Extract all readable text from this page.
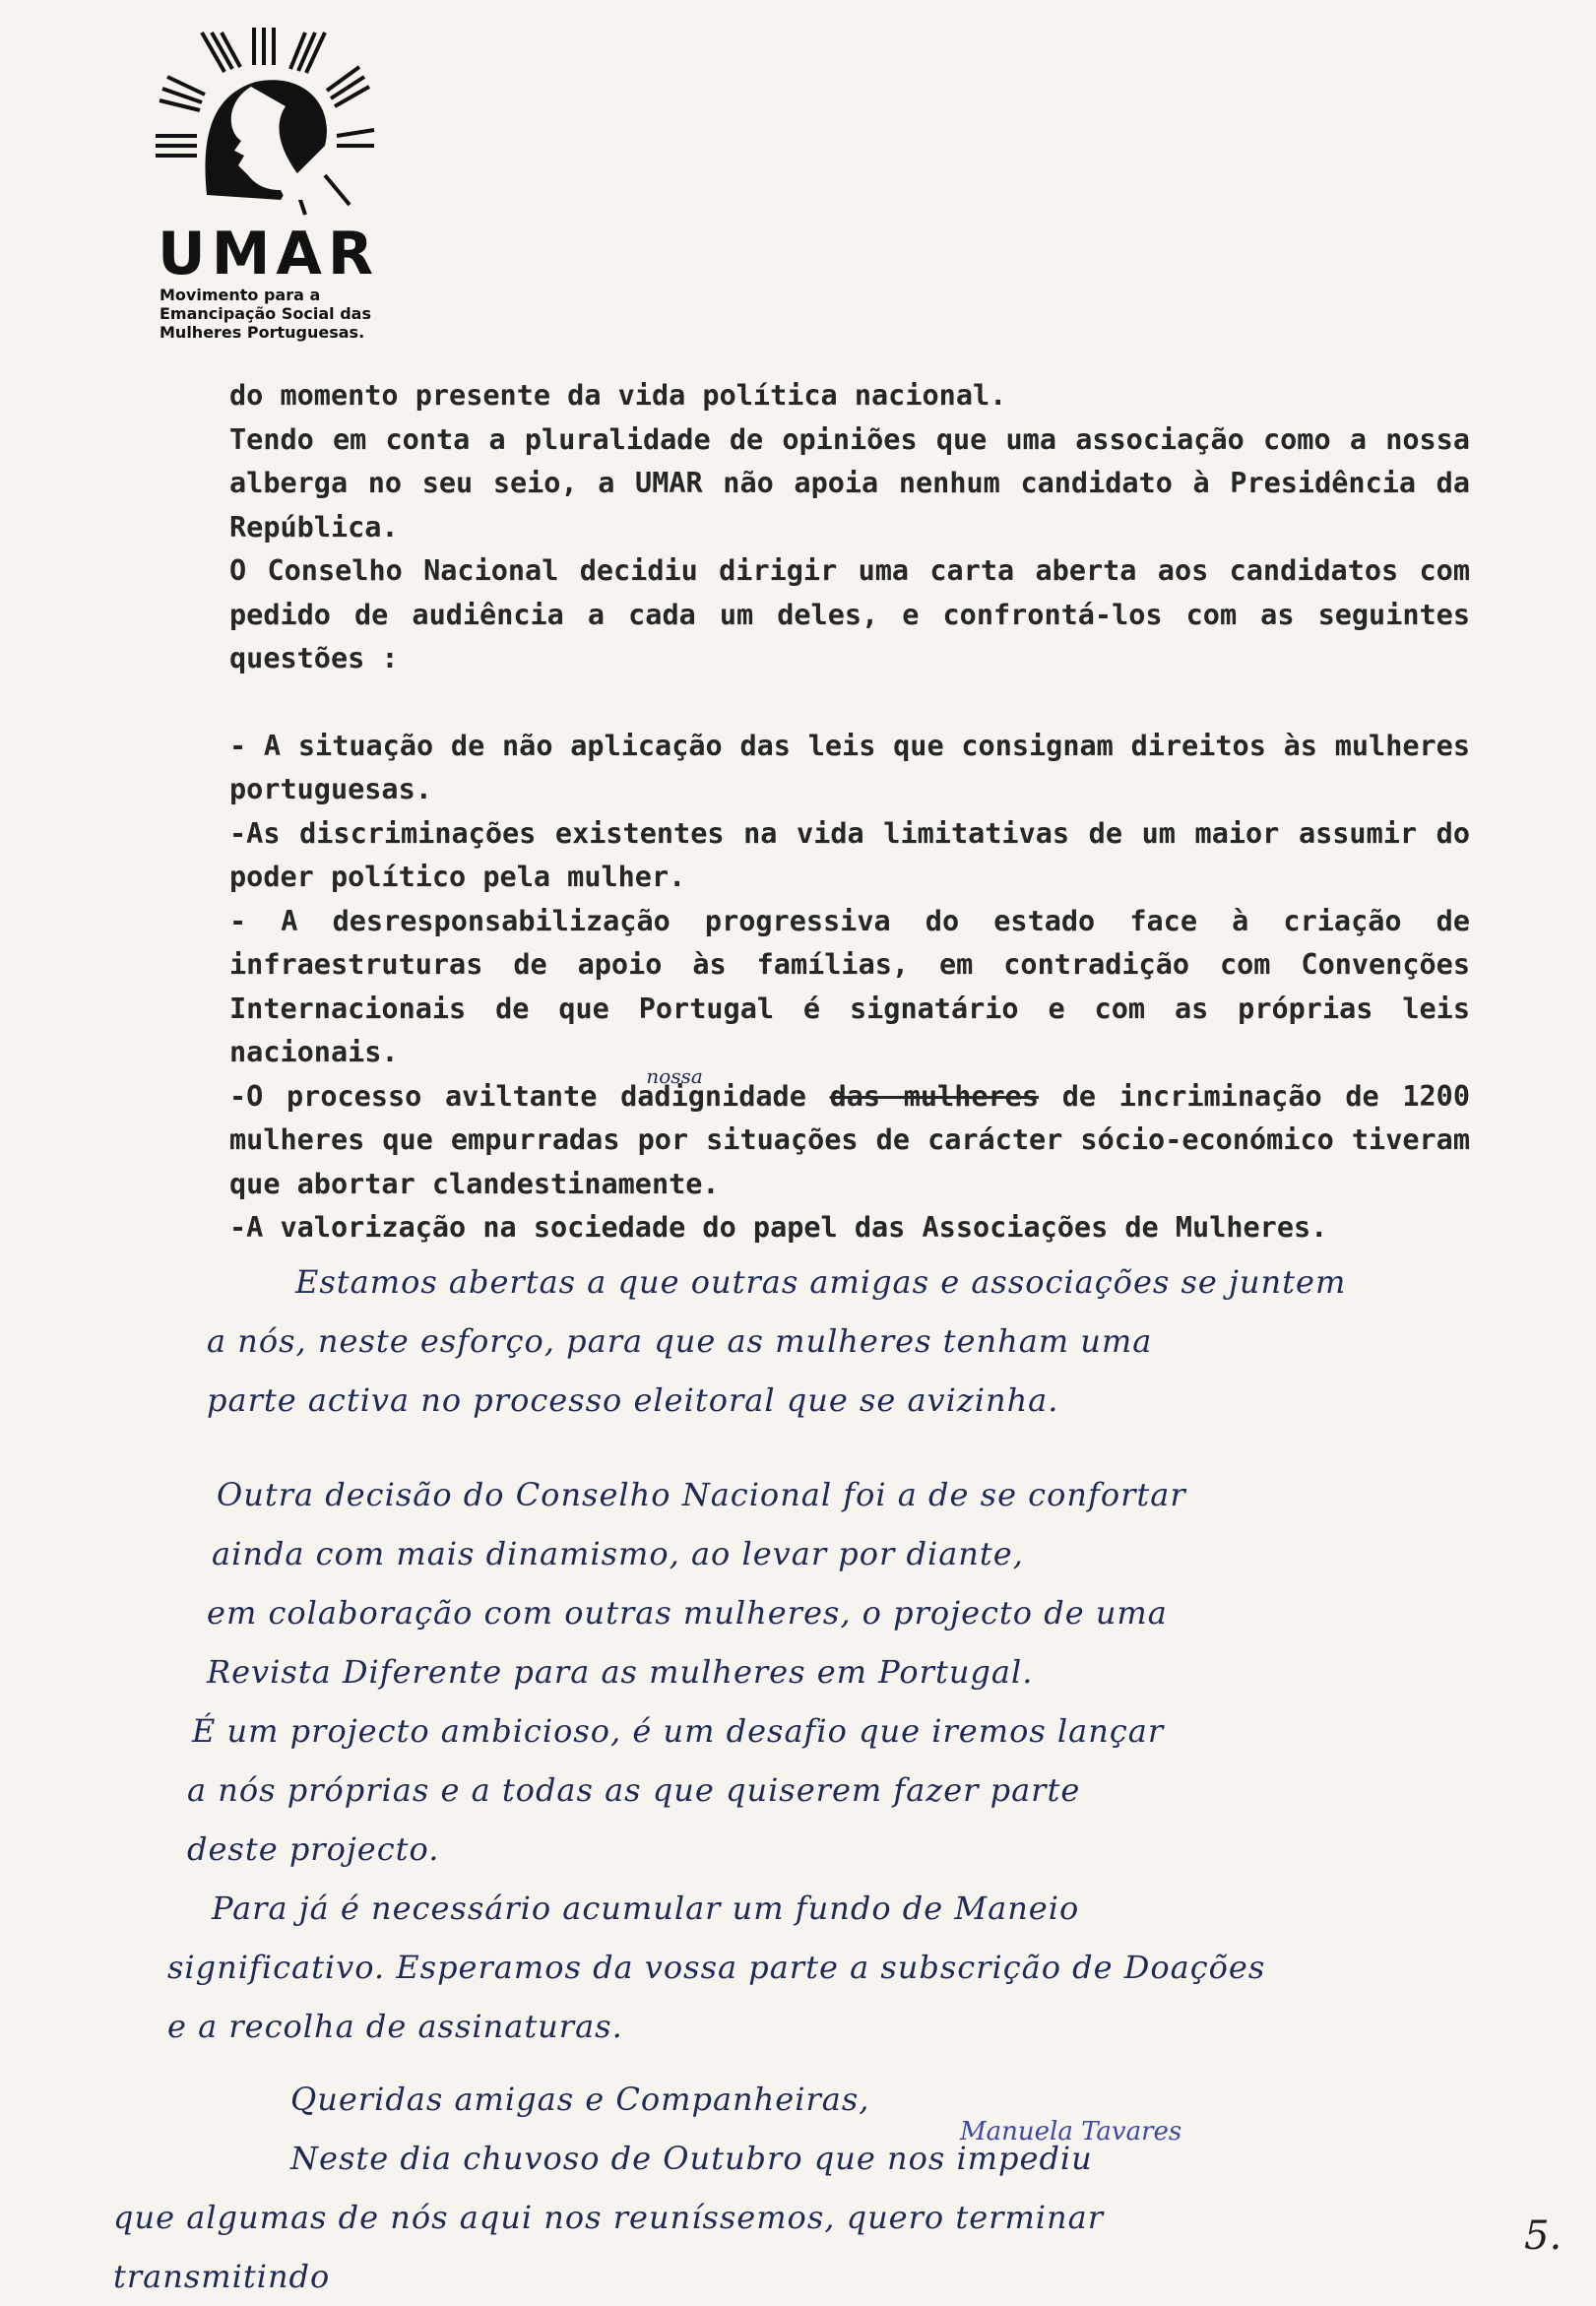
UMAR
Movimento para a
Emancipação Social das
Mulheres Portuguesas.

do momento presente da vida política nacional.

Tendo em conta a pluralidade de opiniões que uma associação como a nossa alberga no seu seio, a UMAR não apoia nenhum candidato à Presidência da República.

O Conselho Nacional decidiu dirigir uma carta aberta aos candidatos com pedido de audiência a cada um deles, e confrontá-los com as seguintes questões :

- A situação de não aplicação das leis que consignam direitos às mulheres portuguesas.

-As discriminações existentes na vida limitativas de um maior assumir do poder político pela mulher.

- A desresponsabilização progressiva do estado face à criação de infraestruturas de apoio às famílias, em contradição com Convenções Internacionais de que Portugal é signatário e com as próprias leis nacionais.

-O processo aviltante da
nossa
dignidade das mulheres de incriminação de 1200 mulheres que empurradas por situações de carácter sócio-económico tiveram que abortar clandestinamente.

-A valorização na sociedade do papel das Associações de Mulheres.

Estamos abertas a que outras amigas e associações se juntem

a nós, neste esforço, para que as mulheres tenham uma

parte activa no processo eleitoral que se avizinha.

Outra decisão do Conselho Nacional foi a de se confortar

ainda com mais dinamismo, ao levar por diante,

em colaboração com outras mulheres, o projecto de uma

Revista Diferente para as mulheres em Portugal.

É um projecto ambicioso, é um desafio que iremos lançar

a nós próprias e a todas as que quiserem fazer parte

deste projecto.

Para já é necessário acumular um fundo de Maneio

significativo. Esperamos da vossa parte a subscrição de Doações

e a recolha de assinaturas.

Queridas amigas e Companheiras,

Neste dia chuvoso de Outubro que nos impediu

que algumas de nós aqui nos reuníssemos, quero terminar

transmitindo

Manuela Tavares
5.
